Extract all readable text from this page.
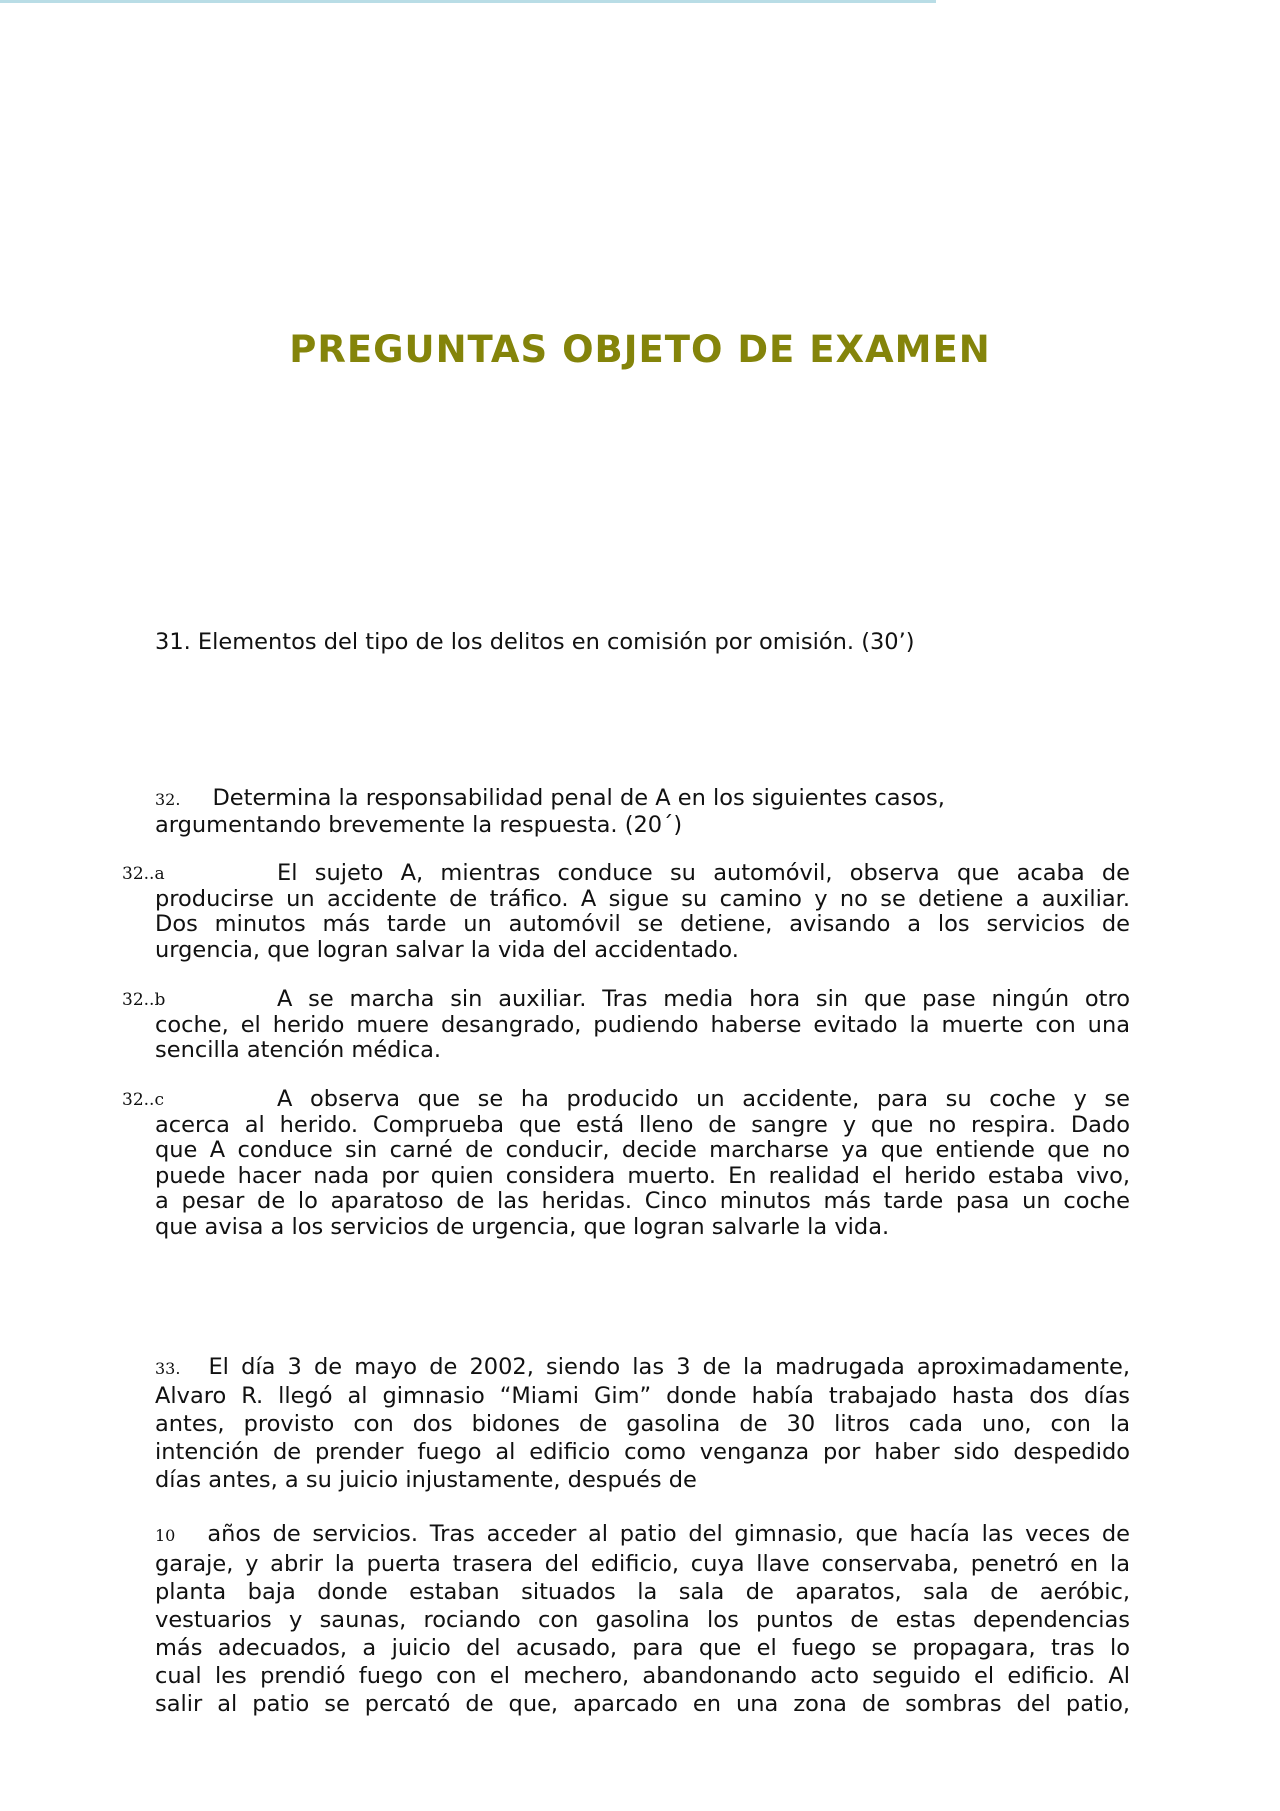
PREGUNTAS OBJETO DE EXAMEN
31. Elementos del tipo de los delitos en comisión por omisión. (30’)
32. Determina la responsabilidad penal de A en los siguientes casos,
argumentando brevemente la respuesta. (20´)
32..a	El sujeto A, mientras conduce su automóvil, observa que acaba de
producirse un accidente de tráfico. A sigue su camino y no se detiene a auxiliar.
Dos minutos más tarde un automóvil se detiene, avisando a los servicios de
urgencia, que logran salvar la vida del accidentado.
32..b	A se marcha sin auxiliar. Tras media hora sin que pase ningún otro
coche, el herido muere desangrado, pudiendo haberse evitado la muerte con una
sencilla atención médica.
32..c	A observa que se ha producido un accidente, para su coche y se
acerca al herido. Comprueba que está lleno de sangre y que no respira. Dado
que A conduce sin carné de conducir, decide marcharse ya que entiende que no
puede hacer nada por quien considera muerto. En realidad el herido estaba vivo,
a pesar de lo aparatoso de las heridas. Cinco minutos más tarde pasa un coche
que avisa a los servicios de urgencia, que logran salvarle la vida.
33. El día 3 de mayo de 2002, siendo las 3 de la madrugada aproximadamente,
Alvaro R. llegó al gimnasio “Miami Gim” donde había trabajado hasta dos días
antes, provisto con dos bidones de gasolina de 30 litros cada uno, con la
intención de prender fuego al edificio como venganza por haber sido despedido
días antes, a su juicio injustamente, después de
10 años de servicios. Tras acceder al patio del gimnasio, que hacía las veces de
garaje, y abrir la puerta trasera del edificio, cuya llave conservaba, penetró en la
planta baja donde estaban situados la sala de aparatos, sala de aeróbic,
vestuarios y saunas, rociando con gasolina los puntos de estas dependencias
más adecuados, a juicio del acusado, para que el fuego se propagara, tras lo
cual les prendió fuego con el mechero, abandonando acto seguido el edificio. Al
salir al patio se percató de que, aparcado en una zona de sombras del patio,
